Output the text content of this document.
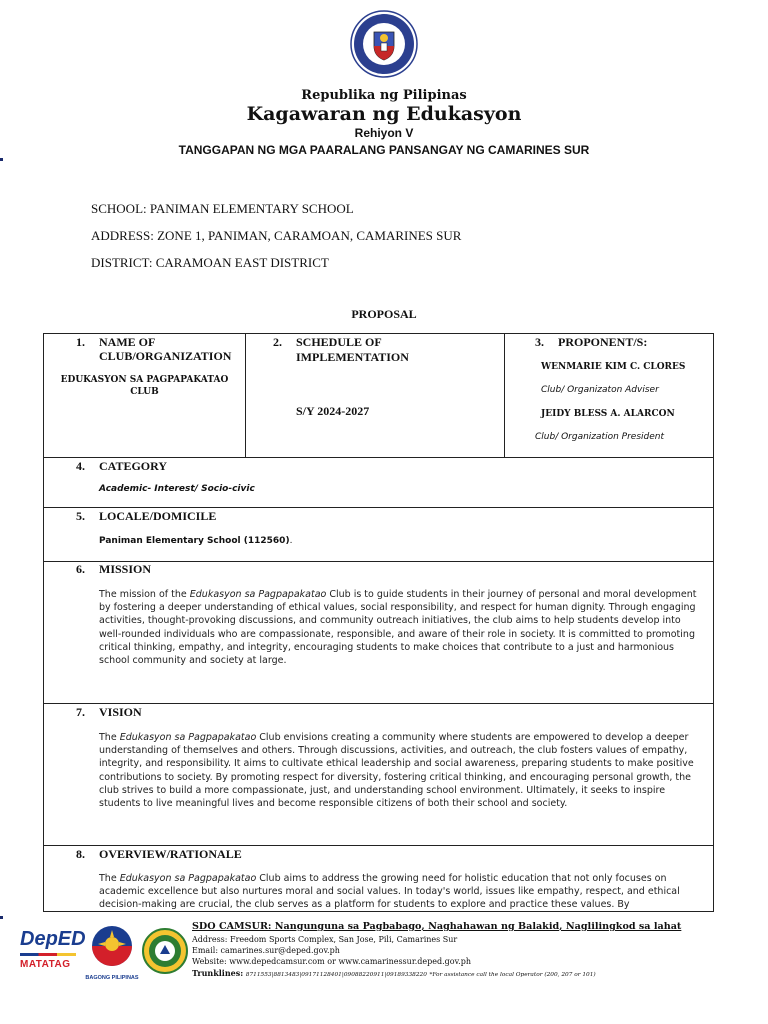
Republika ng Pilipinas
Kagawaran ng Edukasyon
Rehiyon V
TANGGAPAN NG MGA PAARALANG PANSANGAY NG CAMARINES SUR
SCHOOL: PANIMAN ELEMENTARY SCHOOL
ADDRESS: ZONE 1, PANIMAN, CARAMOAN, CAMARINES SUR
DISTRICT: CARAMOAN EAST DISTRICT
PROPOSAL
1. NAME OF
CLUB/ORGANIZATION
EDUKASYON SA PAGPAPAKATAO
CLUB
2. SCHEDULE OF
IMPLEMENTATION
S/Y 2024-2027
3. PROPONENT/S:
WENMARIE KIM C. CLORES
Club/ Organizaton Adviser
JEIDY BLESS A. ALARCON
Club/ Organization President
4. CATEGORY
Academic- Interest/ Socio-civic
5. LOCALE/DOMICILE
Paniman Elementary School (112560).
6. MISSION
The mission of the Edukasyon sa Pagpapakatao Club is to guide students in their journey of personal and moral development by fostering a deeper understanding of ethical values, social responsibility, and respect for human dignity. Through engaging activities, thought-provoking discussions, and community outreach initiatives, the club aims to help students develop into well-rounded individuals who are compassionate, responsible, and aware of their role in society. It is committed to promoting critical thinking, empathy, and integrity, encouraging students to make choices that contribute to a just and harmonious school community and society at large.
7. VISION
The Edukasyon sa Pagpapakatao Club envisions creating a community where students are empowered to develop a deeper understanding of themselves and others. Through discussions, activities, and outreach, the club fosters values of empathy, integrity, and responsibility. It aims to cultivate ethical leadership and social awareness, preparing students to make positive contributions to society. By promoting respect for diversity, fostering critical thinking, and encouraging personal growth, the club strives to build a more compassionate, just, and understanding school environment. Ultimately, it seeks to inspire students to live meaningful lives and become responsible citizens of both their school and society.
8. OVERVIEW/RATIONALE
The Edukasyon sa Pagpapakatao Club aims to address the growing need for holistic education that not only focuses on academic excellence but also nurtures moral and social values. In today's world, issues like empathy, respect, and ethical decision-making are crucial, the club serves as a platform for students to explore and practice these values. By
DepED
MATATAG
BAGONG PILIPINAS
SDO CAMSUR: Nangunguna sa Pagbabago, Naghahawan ng Balakid, Naglilingkod sa lahat
Address: Freedom Sports Complex, San Jose, Pili, Camarines Sur
Email: camarines.sur@deped.gov.ph
Website: www.depedcamsur.com or www.camarinessur.deped.gov.ph
Trunklines: 8711553|8813483|09171128401|09088220911|09189338220 *For assistance call the local Operator (200, 207 or 101)
